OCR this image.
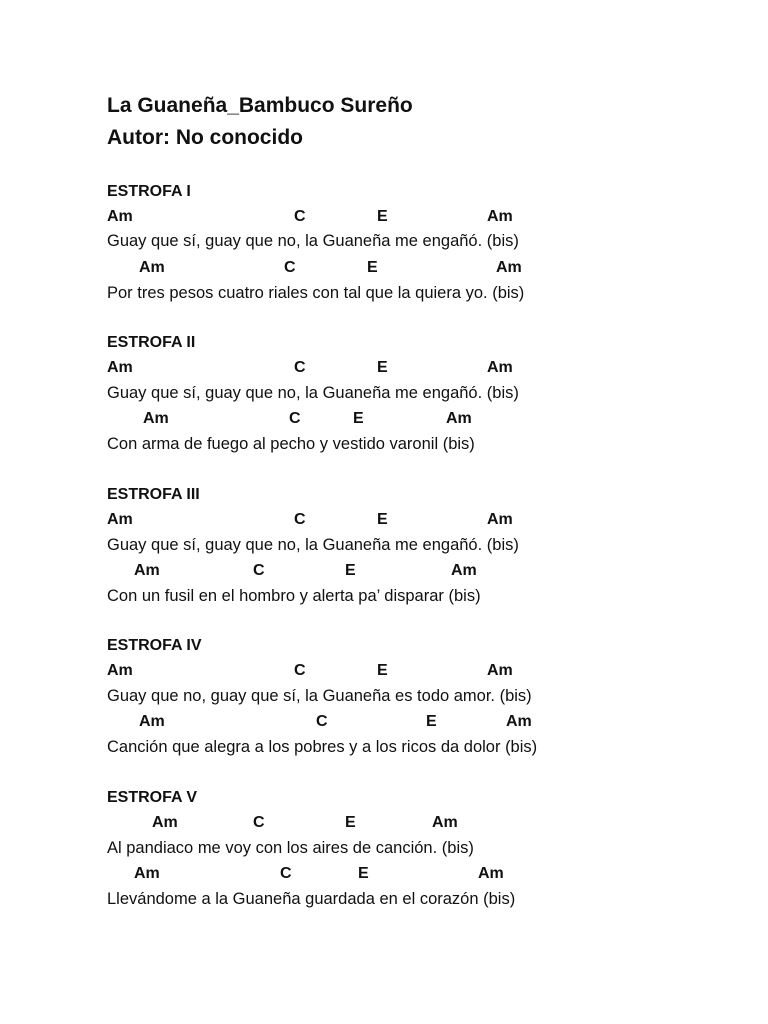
La Guaneña_Bambuco Sureño
Autor: No conocido
ESTROFA I
Am	C	E	Am
Guay que sí, guay que no, la Guaneña me engañó. (bis)
Am	C	E	Am
Por tres pesos cuatro riales con tal que la quiera yo. (bis)
ESTROFA II
Am	C	E	Am
Guay que sí, guay que no, la Guaneña me engañó. (bis)
Am	C	E	Am
Con arma de fuego al pecho y vestido varonil (bis)
ESTROFA III
Am	C	E	Am
Guay que sí, guay que no, la Guaneña me engañó. (bis)
Am	C	E	Am
Con un fusil en el hombro y alerta pa’ disparar (bis)
ESTROFA IV
Am	C	E	Am
Guay que no, guay que sí, la Guaneña es todo amor. (bis)
Am	C	E	Am
Canción que alegra a los pobres y a los ricos da dolor (bis)
ESTROFA V
Am	C	E	Am
Al pandiaco me voy con los aires de canción. (bis)
Am	C	E	Am
Llevándome a la Guaneña guardada en el corazón (bis)
